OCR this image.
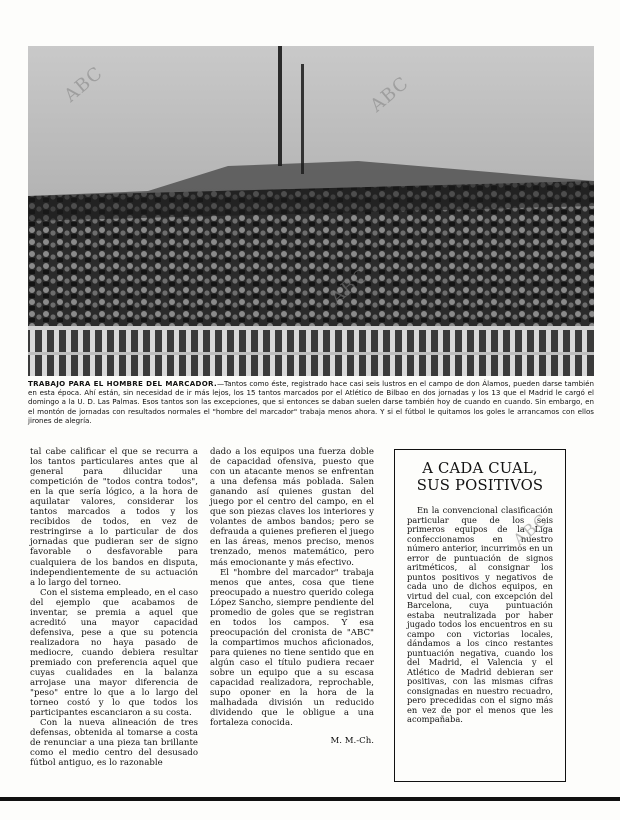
ABC	ABC
ABC

TRABAJO PARA EL HOMBRE DEL MARCADOR.—Tantos como éste, registrado hace casi seis lustros en el campo de don Álamos, pueden darse también en esta época. Ahí están, sin necesidad de ir más lejos, los 15 tantos marcados por el Atlético de Bilbao en dos jornadas y los 13 que el Madrid le cargó el domingo a la U. D. Las Palmas. Esos tantos son las excepciones, que si entonces se daban suelen darse también hoy de cuando en cuando. Sin embargo, en el montón de jornadas con resultados normales el "hombre del marcador" trabaja menos ahora. Y si el fútbol le quitamos los goles le arrancamos con ellos jirones de alegría.

tal cabe calificar el que se recurra a los tantos particulares antes que al general para dilucidar una competición de "todos contra todos", en la que sería lógico, a la hora de aquilatar valores, considerar los tantos marcados a todos y los recibidos de todos, en vez de restringirse a lo particular de dos jornadas que pudieran ser de signo favorable o desfavorable para cualquiera de los bandos en disputa, independientemente de su actuación a lo largo del torneo.

Con el sistema empleado, en el caso del ejemplo que acabamos de inventar, se premia a aquel que acreditó una mayor capacidad defensiva, pese a que su potencia realizadora no haya pasado de mediocre, cuando debiera resultar premiado con preferencia aquel que cuyas cualidades en la balanza arrojase una mayor diferencia de "peso" entre lo que a lo largo del torneo costó y lo que todos los participantes escanciaron a su costa.

Con la nueva alineación de tres defensas, obtenida al tomarse a costa de renunciar a una pieza tan brillante como el medio centro del desusado fútbol antiguo, es lo razonable

dado a los equipos una fuerza doble de capacidad ofensiva, puesto que con un atacante menos se enfrentan a una defensa más poblada. Salen ganando así quienes gustan del juego por el centro del campo, en el que son piezas claves los interiores y volantes de ambos bandos; pero se defrauda a quienes prefieren el juego en las áreas, menos preciso, menos trenzado, menos matemático, pero más emocionante y más efectivo.

El "hombre del marcador" trabaja menos que antes, cosa que tiene preocupado a nuestro querido colega López Sancho, siempre pendiente del promedio de goles que se registran en todos los campos. Y esa preocupación del cronista de "ABC" la compartimos muchos aficionados, para quienes no tiene sentido que en algún caso el título pudiera recaer sobre un equipo que a su escasa capacidad realizadora, reprochable, supo oponer en la hora de la malhadada división un reducido dividendo que le obligue a una fortaleza conocida.

M. M.-Ch.

A CADA CUAL, SUS POSITIVOS

En la convencional clasificación particular que de los seis primeros equipos de la Liga confeccionamos en nuestro número anterior, incurrimos en un error de puntuación de signos aritméticos, al consignar los puntos positivos y negativos de cada uno de dichos equipos, en virtud del cual, con excepción del Barcelona, cuya puntuación estaba neutralizada por haber jugado todos los encuentros en su campo con victorias locales, dándamos a los cinco restantes puntuación negativa, cuando los del Madrid, el Valencia y el Atlético de Madrid debieran ser positivas, con las mismas cifras consignadas en nuestro recuadro, pero precedidas con el signo más en vez de por el menos que les acompañaba.

ABC
